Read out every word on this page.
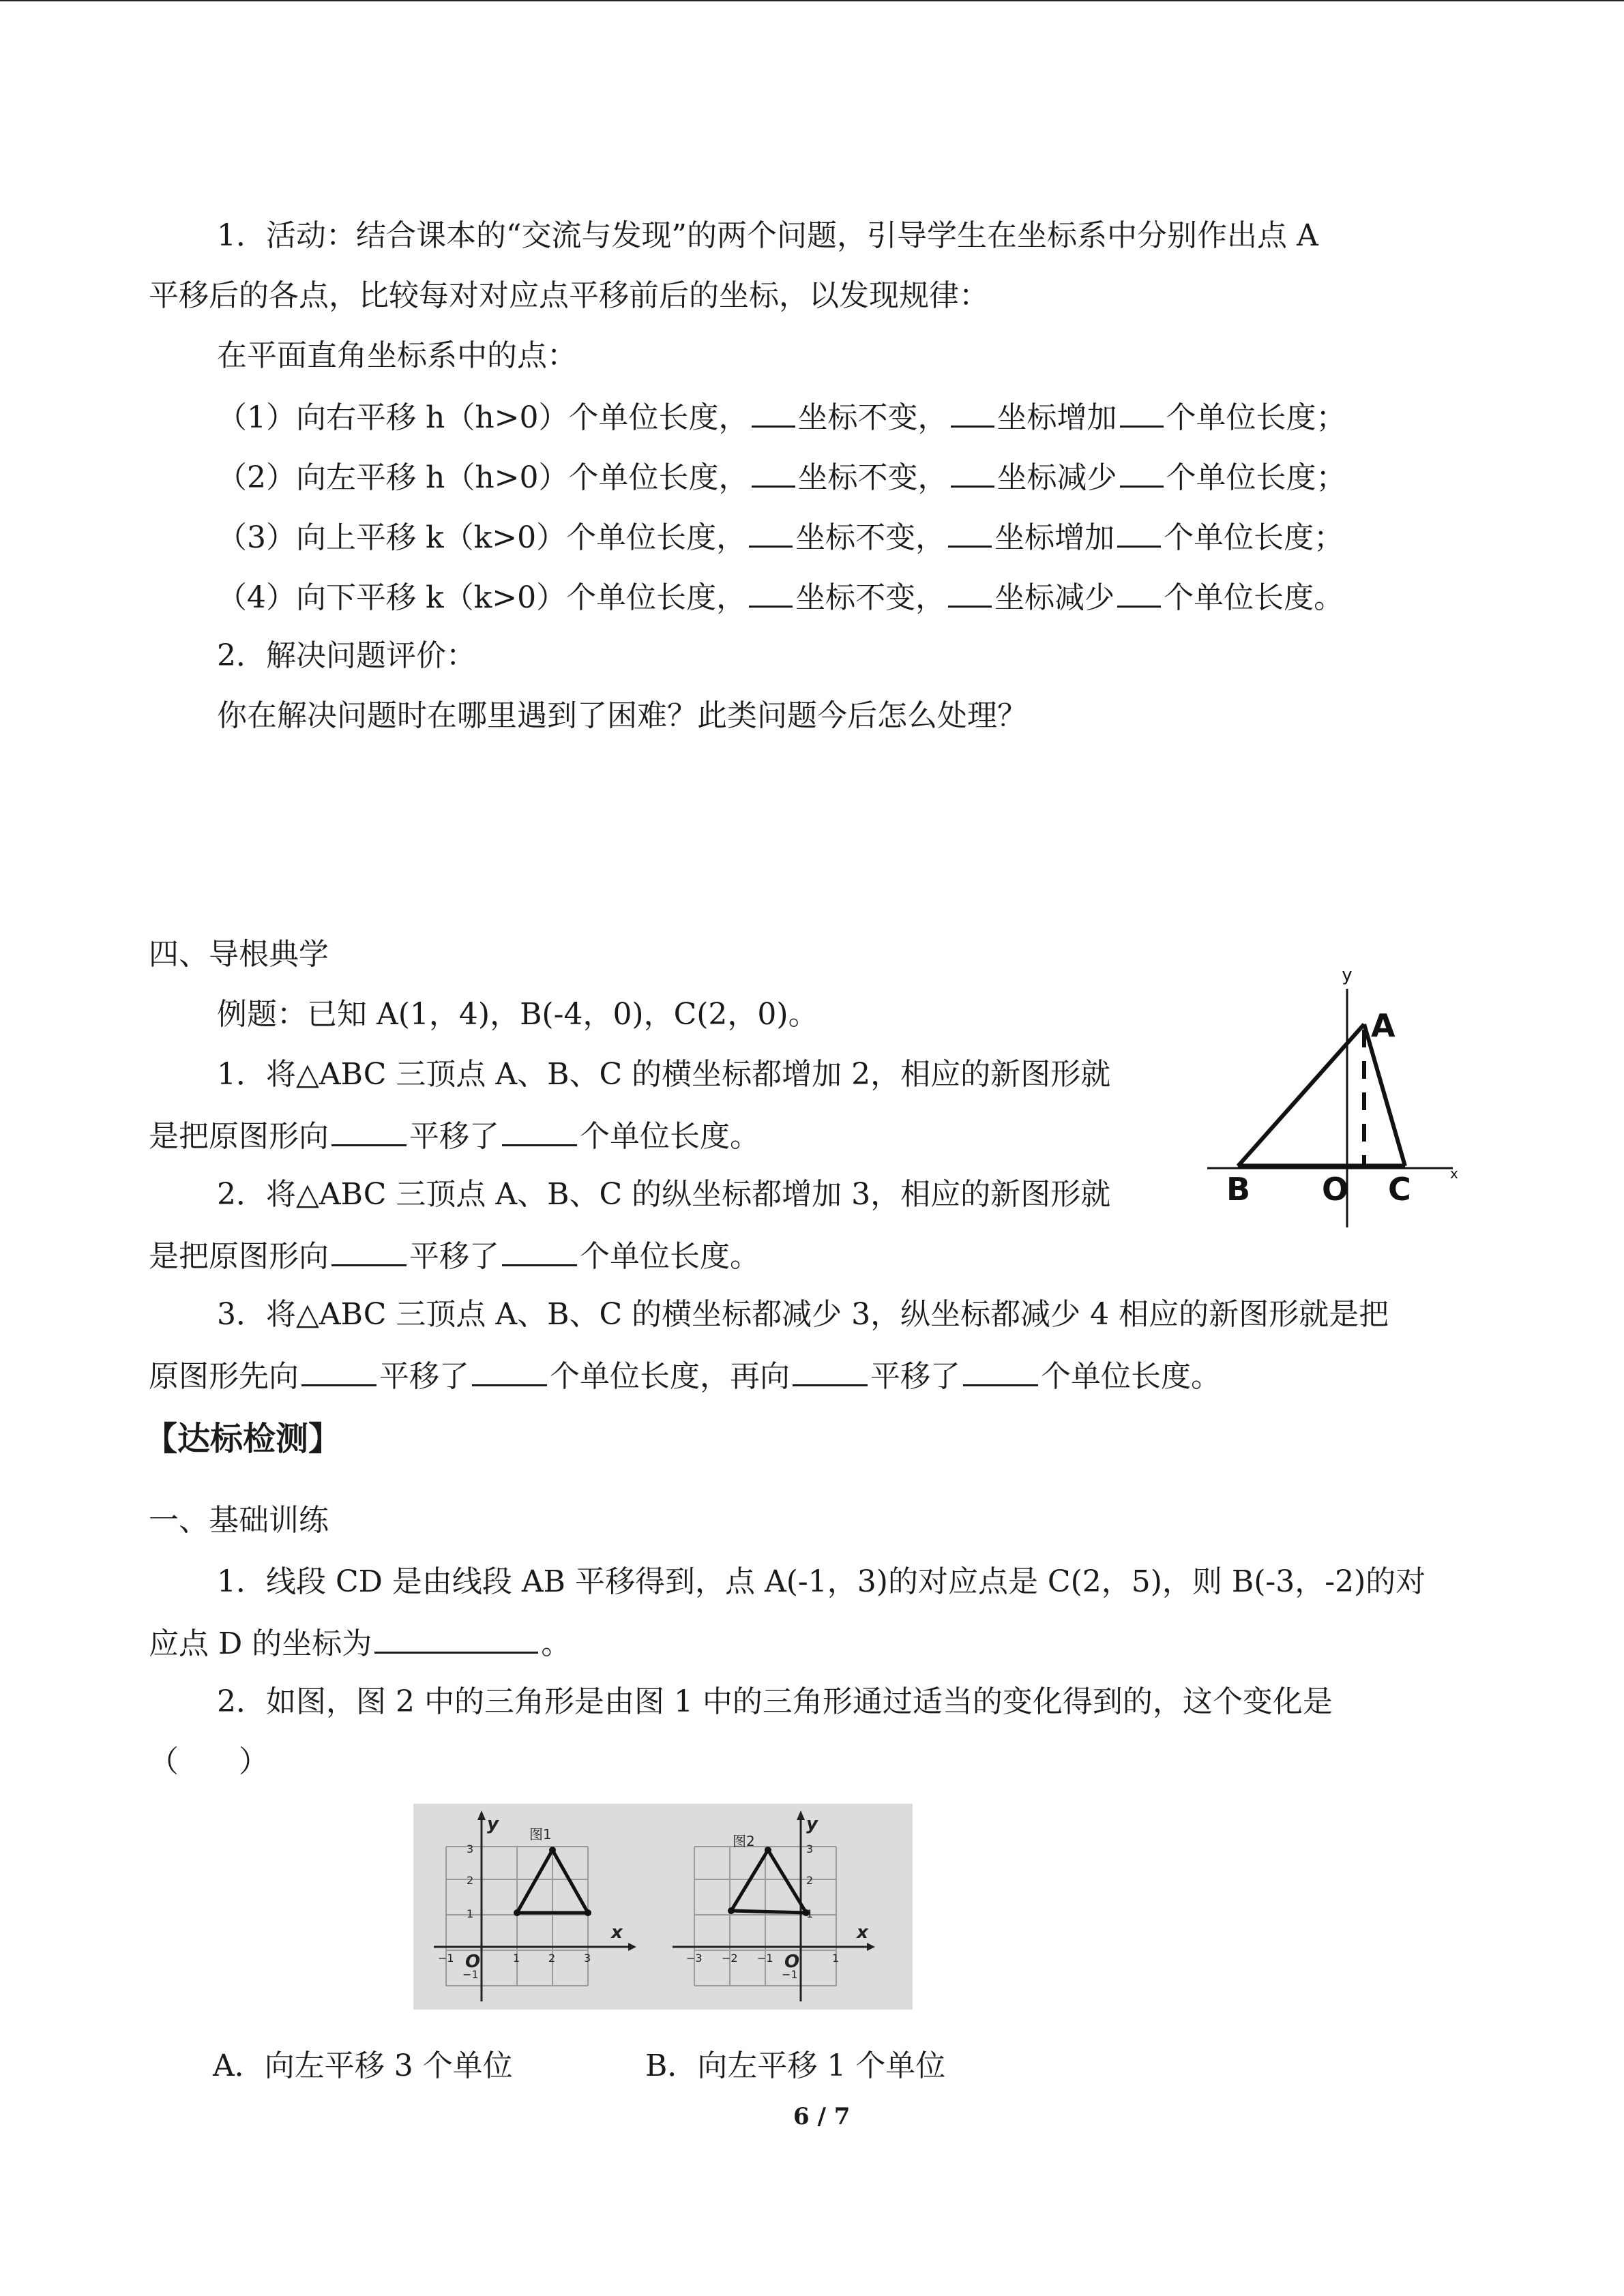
1．活动：结合课本的“交流与发现”的两个问题，引导学生在坐标系中分别作出点 A
平移后的各点，比较每对对应点平移前后的坐标，以发现规律：
在平面直角坐标系中的点：
（1）向右平移 h（h>0）个单位长度， 坐标不变， 坐标增加 个单位长度；
（2）向左平移 h（h>0）个单位长度， 坐标不变， 坐标减少 个单位长度；
（3）向上平移 k（k>0）个单位长度， 坐标不变， 坐标增加 个单位长度；
（4）向下平移 k（k>0）个单位长度， 坐标不变， 坐标减少 个单位长度。
2．解决问题评价：
你在解决问题时在哪里遇到了困难？此类问题今后怎么处理？
四、导根典学
例题：已知 A(1，4)，B(-4，0)，C(2，0)。
1．将△ABC 三顶点 A、B、C 的横坐标都增加 2，相应的新图形就
是把原图形向	平移了	个单位长度。
2．将△ABC 三顶点 A、B、C 的纵坐标都增加 3，相应的新图形就
是把原图形向	平移了	个单位长度。
3．将△ABC 三顶点 A、B、C 的横坐标都减少 3，纵坐标都减少 4 相应的新图形就是把
原图形先向	平移了	个单位长度，再向	平移了	个单位长度。
y
x
A
B O C
【达标检测】
一、基础训练
1．线段 CD 是由线段 AB 平移得到，点 A(-1，3)的对应点是 C(2，5)，则 B(-3，-2)的对
应点 D 的坐标为	。
2．如图，图 2 中的三角形是由图 1 中的三角形通过适当的变化得到的，这个变化是
（　　）
图1
y
x
O
−1	1	2	3
3
2
1
−1
图2
y
x
O
−3 −2 −1	1
3
2
1
−1
A．向左平移 3 个单位	B．向左平移 1 个单位
6 / 7
